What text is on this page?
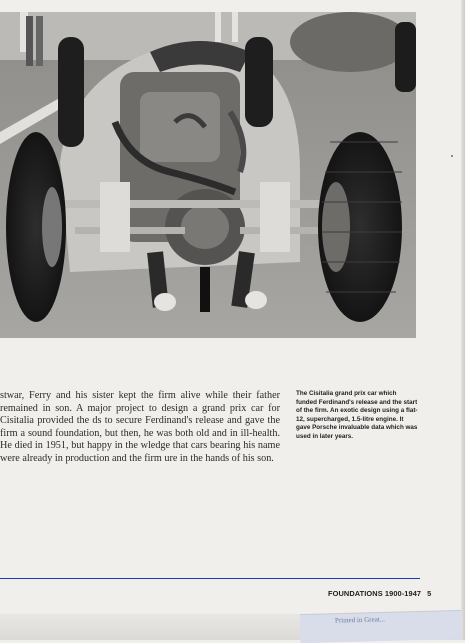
stwar, Ferry and his sister kept the firm alive while their father remained in son. A major project to design a grand prix car for Cisitalia provided the ds to secure Ferdinand's release and gave the firm a sound foundation, but then, he was both old and in ill-health. He died in 1951, but happy in the wledge that cars bearing his name were already in production and the firm ure in the hands of his son.

The Cisitalia grand prix car which funded Ferdinand's release and the start of the firm. An exotic design using a flat-12, supercharged, 1.5-litre engine. It gave Porsche invaluable data which was used in later years.

FOUNDATIONS 1900-1947 5
Printed in Great...
